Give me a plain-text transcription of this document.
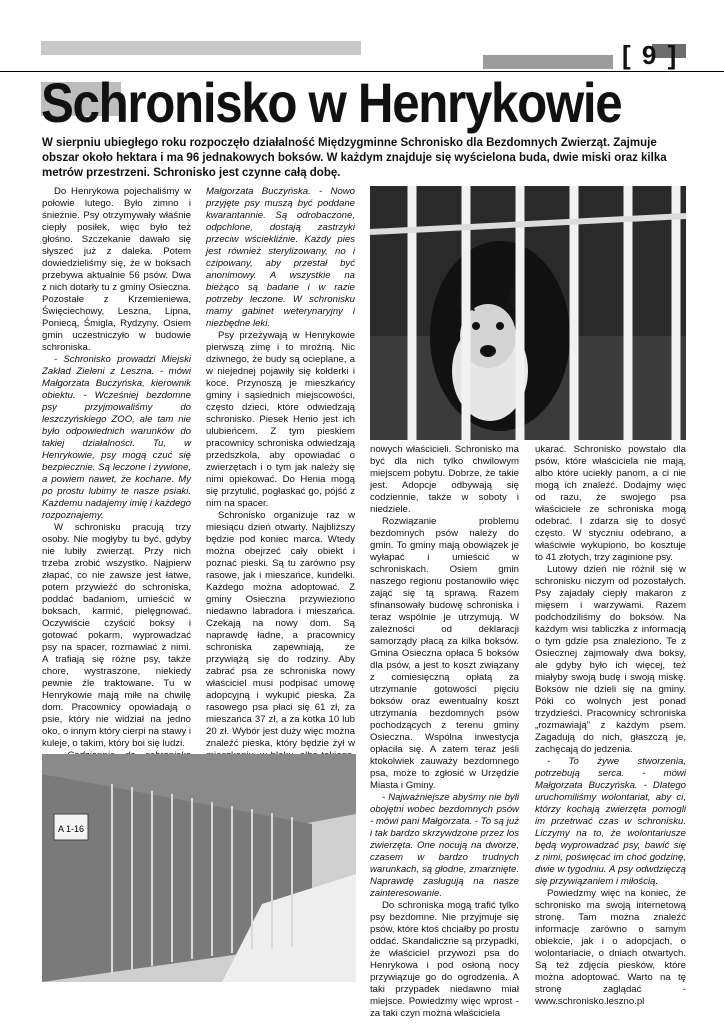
[ 9 ]
Schronisko w Henrykowie

W sierpniu ubiegłego roku rozpoczęło działalność Międzygminne Schronisko dla Bezdomnych Zwierząt. Zajmuje obszar około hektara i ma 96 jednakowych boksów. W każdym znajduje się wyścielona buda, dwie miski oraz kilka metrów przestrzeni. Schronisko jest czynne całą dobę.

Do Henrykowa pojechaliśmy w połowie lutego. Było zimno i śnieżnie. Psy otrzymywały właśnie ciepły posiłek, więc było też głośno. Szczekanie dawało się słyszeć już z daleka. Potem dowiedzieliśmy się, że w boksach przebywa aktualnie 56 psów. Dwa z nich dotarły tu z gminy Osieczna. Pozostałe z Krzemieniewa, Święciechowy, Leszna, Lipna, Poniecą, Śmigla, Rydzyny. Osiem gmin uczestniczyło w budowie schroniska.

- Schronisko prowadzi Miejski Zakład Zieleni z Leszna. - mówi Małgorzata Buczyńska, kierownik obiektu. - Wcześniej bezdomne psy przyjmowaliśmy do leszczyńskiego ZOO, ale tam nie było odpowiednich warunków do takiej działalności. Tu, w Henrykowie, psy mogą czuć się bezpiecznie. Są leczone i żywione, a powiem nawet, że kochane. My po prostu lubimy te nasze psiaki. Każdemu nadajemy imię i każdego rozpoznajemy.

W schronisku pracują trzy osoby. Nie mogłyby tu być, gdyby nie lubiły zwierząt. Przy nich trzeba zrobić wszystko. Najpierw złapać, co nie zawsze jest łatwe, potem przywieźć do schroniska, poddać badaniom, umieścić w boksach, karmić, pielęgnować. Oczywiście czyścić boksy i gotować pokarm, wyprowadzać psy na spacer, rozmawiać z nimi. A trafiają się różne psy, także chore, wystraszone, niekiedy pewnie źle traktowane. Tu w Henrykowie mają miłe na chwilę dom. Pracownicy opowiadają o psie, który nie widział na jedno oko, o innym który cierpi na stawy i kuleje, o takim, który boi się ludzi.

Małgorzata Buczyńska. - Nowo przyjęte psy muszą być poddane kwarantannie. Są odrobaczone, odpchlone, dostają zastrzyki przeciw wściekliźnie. Każdy pies jest również sterylizowany, no i czipowany, aby przestał być anonimowy. A wszystkie na bieżąco są badane i w razie potrzeby leczone. W schronisku mamy gabinet weterynaryjny i niezbędne leki.

Psy przeżywają w Henrykowie pierwszą zimę i to mroźną. Nic dziwnego, że budy są ocieplane, a w niejednej pojawiły się kołderki i koce. Przynoszą je mieszkańcy gminy i sąsiednich miejscowości, często dzieci, które odwiedzają schronisko. Piesek Henio jest ich ulubieńcem. Z tym pieskiem pracownicy schroniska odwiedzają przedszkola, aby opowiadać o zwierzętach i o tym jak należy się nimi opiekować. Do Henia mogą się przytulić, pogłaskać go, pójść z nim na spacer.

Schronisko organizuje raz w miesiącu dzień otwarty. Najbliższy będzie pod koniec marca. Wtedy można obejrzeć cały obiekt i poznać pieski. Są tu zarówno psy rasowe, jak i mieszańce, kundelki. Każdego można adoptować. Z gminy Osieczna przywieziono niedawno labradora i mieszańca. Czekają na nowy dom. Są naprawdę ładne, a pracownicy schroniska zapewniają, że przywiążą się do rodziny. Aby zabrać psa ze schroniska nowy właściciel musi podpisać umowę adopcyjną i wykupić pieska. Za rasowego psa płaci się 61 zł, za mieszańca 37 zł, a za kotka 10 lub 20 zł. Wybór jest duży więc można znaleźć pieska, który będzie żył w

nowych właścicieli. Schronisko ma być dla nich tylko chwilowym miejscem pobytu. Dobrze, że takie jest. Adopcje odbywają się codziennie, także w soboty i niedziele.

Rozwiązanie problemu bezdomnych psów należy do gmin. To gminy mają obowiązek je wyłapać i umieścić w schroniskach. Osiem gmin naszego regionu postanowiło więc zająć się tą sprawą. Razem sfinansowały budowę schroniska i teraz wspólnie je utrzymują. W zależności od deklaracji samorządy płacą za kilka boksów. Gmina Osieczna opłaca 5 boksów dla psów, a jest to koszt związany z comiesięczną opłatą za utrzymanie gotowości pięciu boksów oraz ewentualny koszt utrzymania bezdomnych psów pochodzących z terenu gminy Osieczna. Wspólna inwestycja opłaciła się. A zatem teraz jeśli ktokolwiek zauważy bezdomnego psa, może to zgłosić w Urzędzie Miasta i Gminy.

- Najważniejsze abyśmy nie byli obojętni wobec bezdomnych psów - mówi pani Małgorzata. - To są już i tak bardzo skrzywdzone przez los zwierzęta. One nocują na dworze, czasem w bardzo trudnych warunkach, są głodne, zmarznięte. Naprawdę zasługują na nasze zainteresowanie.

Do schroniska mogą trafić tylko psy bezdomne. Nie przyjmuje się psów, które ktoś chciałby po prostu oddać. Skandaliczne są przypadki, że właściciel przywozi psa do Henrykowa i pod osłoną nocy przywiązuje go do ogrodzenia. A taki przypadek niedawno miał miejsce. Powiedzmy więc wprost - za taki czyn można właściciela

ukarać. Schronisko powstało dla psów, które właściciela nie mają, albo które uciekły panom, a ci nie mogą ich znaleźć. Dodajmy więc od razu, że swojego psa właściciele ze schroniska mogą odebrać. I zdarza się to dosyć często. W styczniu odebrano, a właściwie wykupiono, bo kosztuje to 41 złotych, trzy zaginione psy.

Lutowy dzień nie różnił się w schronisku niczym od pozostałych. Psy zajadały ciepły makaron z mięsem i warzywami. Razem podchodziliśmy do boksów. Na każdym wisi tabliczka z informacją o tym gdzie psa znaleziono. Te z Osiecznej zajmowały dwa boksy, ale gdyby było ich więcej, też miałyby swoją budę i swoją miskę. Boksów nie dzieli się na gminy. Póki co wolnych jest ponad trzydzieści. Pracownicy schroniska „rozmawiają” z każdym psem. Zagadują do nich, głaszczą je, zachęcają do jedzenia.

- To żywe stworzenia, potrzebują serca. - mówi Małgorzata Buczyńska. - Dlatego uruchomiliśmy wolontariat, aby ci, którzy kochają zwierzęta pomogli im przetrwać czas w schronisku. Liczymy na to, że wolontariusze będą wyprowadzać psy, bawić się z nimi, poświęcać im choć godzinę, dwie w tygodniu. A psy odwdzięczą się przywiązaniem i miłością.

Powiedzmy więc na koniec, że schronisko ma swoją internetową stronę. Tam można znaleźć informacje zarówno o samym obiekcie, jak i o adopcjach, o wolontariacie, o dniach otwartych. Są też zdjęcia piesków, które można adoptować. Warto na tę stronę zaglądać - www.schronisko.leszno.pl

A 1-16
